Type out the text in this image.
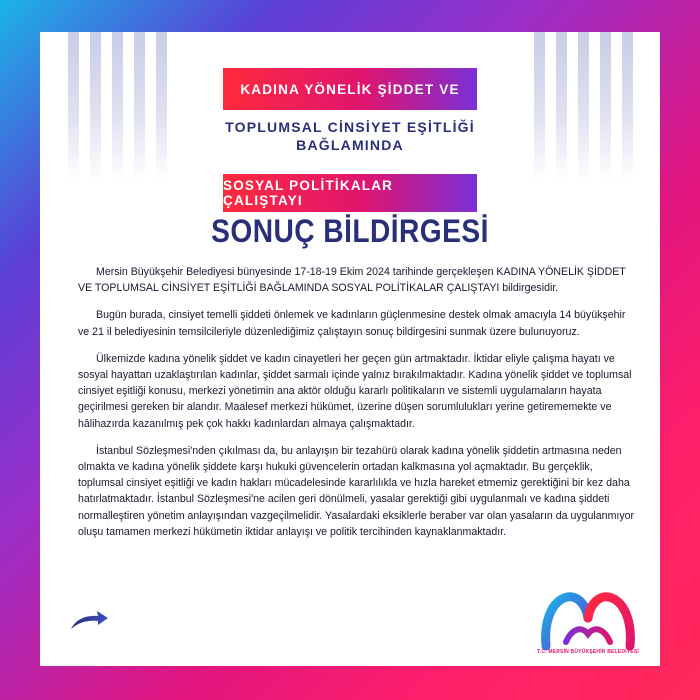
KADINA YÖNELİK ŞİDDET VE
TOPLUMSAL CİNSİYET EŞİTLİĞİ
BAĞLAMINDA
SOSYAL POLİTİKALAR ÇALIŞTAYI
SONUÇ BİLDİRGESİ

Mersin Büyükşehir Belediyesi bünyesinde 17-18-19 Ekim 2024 tarihinde gerçekleşen KADINA YÖNELİK ŞİDDET VE TOPLUMSAL CİNSİYET EŞİTLİĞİ BAĞLAMINDA SOSYAL POLİTİKALAR ÇALIŞTAYI bildirgesidir.

Bugün burada, cinsiyet temelli şiddeti önlemek ve kadınların güçlenmesine destek olmak amacıyla 14 büyükşehir ve 21 il belediyesinin temsilcileriyle düzenlediğimiz çalıştayın sonuç bildirgesini sunmak üzere bulunuyoruz.

Ülkemizde kadına yönelik şiddet ve kadın cinayetleri her geçen gün artmaktadır. İktidar eliyle çalışma hayatı ve sosyal hayattan uzaklaştırılan kadınlar, şiddet sarmalı içinde yalnız bırakılmaktadır. Kadına yönelik şiddet ve toplumsal cinsiyet eşitliği konusu, merkezi yönetimin ana aktör olduğu kararlı politikaların ve sistemli uygulamaların hayata geçirilmesi gereken bir alandır. Maalesef merkezi hükümet, üzerine düşen sorumlulukları yerine getirememekte ve hâlihazırda kazanılmış pek çok hakkı kadınlardan almaya çalışmaktadır.

İstanbul Sözleşmesi'nden çıkılması da, bu anlayışın bir tezahürü olarak kadına yönelik şiddetin artmasına neden olmakta ve kadına yönelik şiddete karşı hukuki güvencelerin ortadan kalkmasına yol açmaktadır. Bu gerçeklik, toplumsal cinsiyet eşitliği ve kadın hakları mücadelesinde kararlılıkla ve hızla hareket etmemiz gerektiğini bir kez daha hatırlatmaktadır. İstanbul Sözleşmesi'ne acilen geri dönülmeli, yasalar gerektiği gibi uygulanmalı ve kadına şiddeti normalleştiren yönetim anlayışından vazgeçilmelidir. Yasalardaki eksiklerle beraber var olan yasaların da uygulanmıyor oluşu tamamen merkezi hükümetin iktidar anlayışı ve politik tercihinden kaynaklanmaktadır.

T.C. MERSİN BÜYÜKŞEHİR BELEDİYESİ
